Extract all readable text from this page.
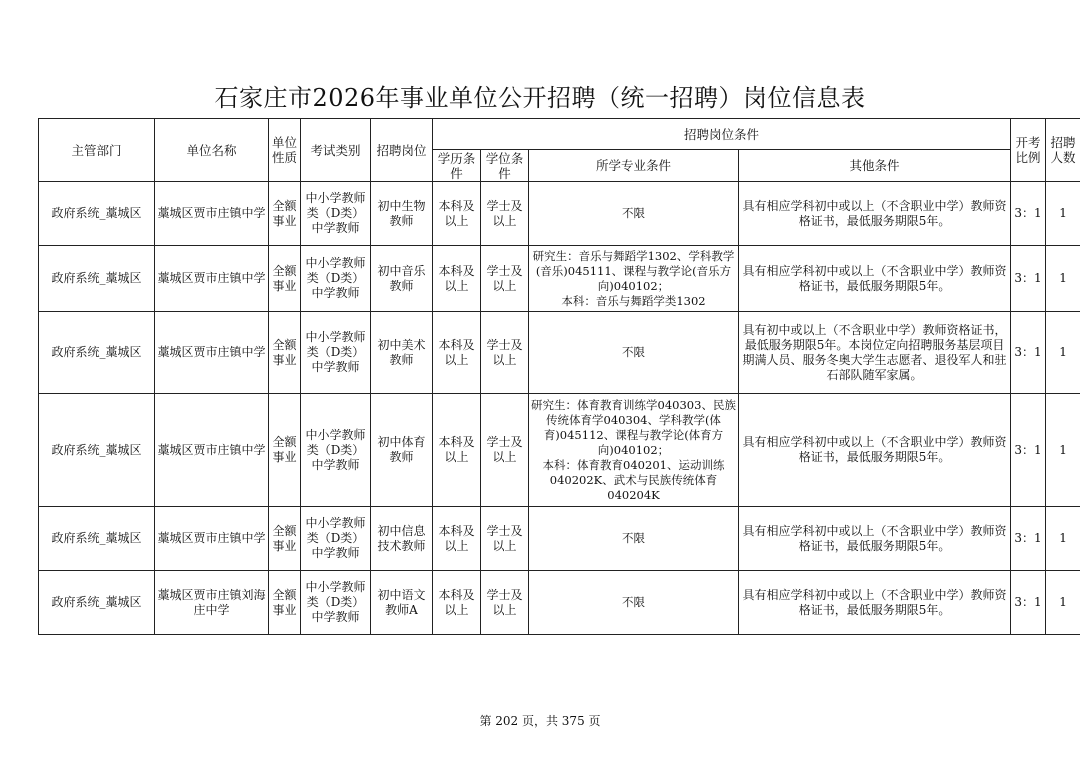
石家庄市2026年事业单位公开招聘（统一招聘）岗位信息表
主管部门	单位名称	单位性质	考试类别	招聘岗位	招聘岗位条件				开考比例	招聘人数
					学历条件	学位条件	所学专业条件	其他条件		
政府系统_藁城区	藁城区贾市庄镇中学	全额事业	中小学教师类（D类）中学教师	初中生物教师	本科及以上	学士及以上	不限	具有相应学科初中或以上（不含职业中学）教师资格证书，最低服务期限5年。	3：1	1
政府系统_藁城区	藁城区贾市庄镇中学	全额事业	中小学教师类（D类）中学教师	初中音乐教师	本科及以上	学士及以上	研究生：音乐与舞蹈学1302、学科教学(音乐)045111、课程与教学论(音乐方向)040102；
本科：音乐与舞蹈学类1302	具有相应学科初中或以上（不含职业中学）教师资格证书，最低服务期限5年。	3：1	1
政府系统_藁城区	藁城区贾市庄镇中学	全额事业	中小学教师类（D类）中学教师	初中美术教师	本科及以上	学士及以上	不限	具有初中或以上（不含职业中学）教师资格证书，最低服务期限5年。本岗位定向招聘服务基层项目期满人员、服务冬奥大学生志愿者、退役军人和驻石部队随军家属。	3：1	1
政府系统_藁城区	藁城区贾市庄镇中学	全额事业	中小学教师类（D类）中学教师	初中体育教师	本科及以上	学士及以上	研究生：体育教育训练学040303、民族传统体育学040304、学科教学(体育)045112、课程与教学论(体育方向)040102；
本科：体育教育040201、运动训练040202K、武术与民族传统体育040204K	具有相应学科初中或以上（不含职业中学）教师资格证书，最低服务期限5年。	3：1	1
政府系统_藁城区	藁城区贾市庄镇中学	全额事业	中小学教师类（D类）中学教师	初中信息技术教师	本科及以上	学士及以上	不限	具有相应学科初中或以上（不含职业中学）教师资格证书，最低服务期限5年。	3：1	1
政府系统_藁城区	藁城区贾市庄镇刘海庄中学	全额事业	中小学教师类（D类）中学教师	初中语文教师A	本科及以上	学士及以上	不限	具有相应学科初中或以上（不含职业中学）教师资格证书，最低服务期限5年。	3：1	1
第 202 页，共 375 页
